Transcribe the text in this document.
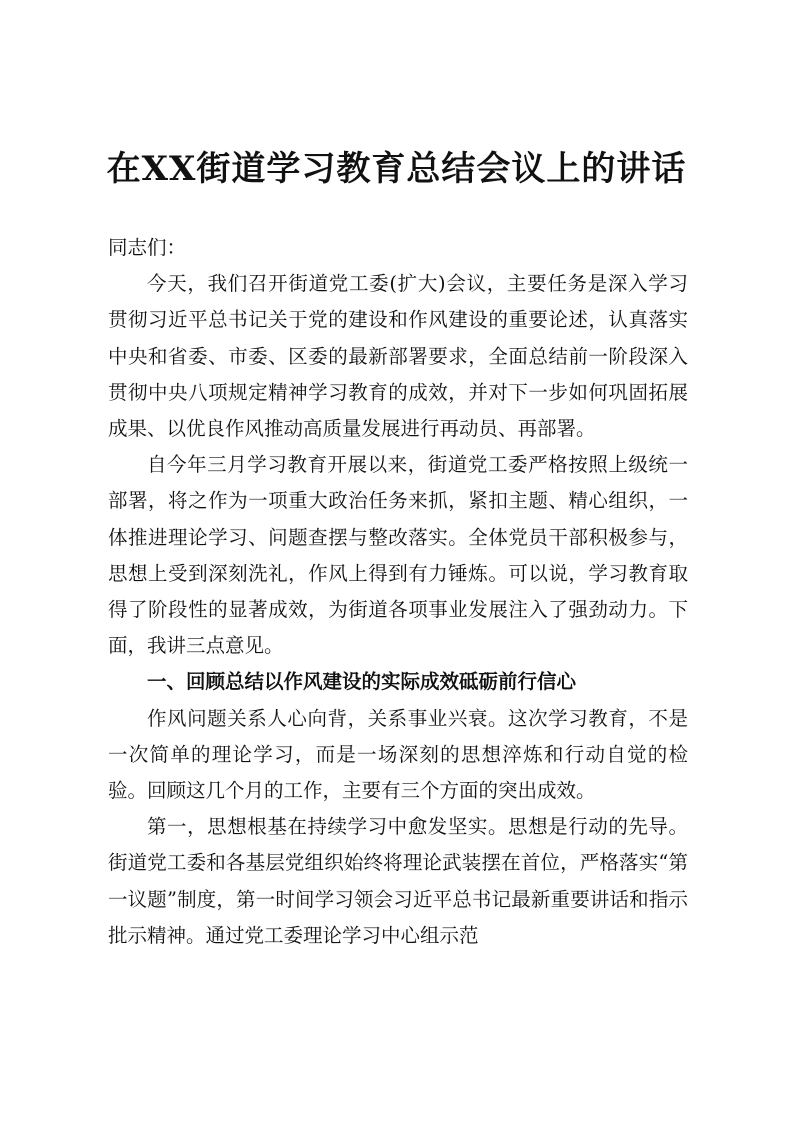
在XX街道学习教育总结会议上的讲话

同志们：

今天，我们召开街道党工委(扩大)会议，主要任务是深入学习贯彻习近平总书记关于党的建设和作风建设的重要论述，认真落实中央和省委、市委、区委的最新部署要求，全面总结前一阶段深入贯彻中央八项规定精神学习教育的成效，并对下一步如何巩固拓展成果、以优良作风推动高质量发展进行再动员、再部署。

自今年三月学习教育开展以来，街道党工委严格按照上级统一部署，将之作为一项重大政治任务来抓，紧扣主题、精心组织，一体推进理论学习、问题查摆与整改落实。全体党员干部积极参与，思想上受到深刻洗礼，作风上得到有力锤炼。可以说，学习教育取得了阶段性的显著成效，为街道各项事业发展注入了强劲动力。下面，我讲三点意见。

一、回顾总结以作风建设的实际成效砥砺前行信心

作风问题关系人心向背，关系事业兴衰。这次学习教育，不是一次简单的理论学习，而是一场深刻的思想淬炼和行动自觉的检验。回顾这几个月的工作，主要有三个方面的突出成效。

第一，思想根基在持续学习中愈发坚实。思想是行动的先导。街道党工委和各基层党组织始终将理论武装摆在首位，严格落实“第一议题”制度，第一时间学习领会习近平总书记最新重要讲话和指示批示精神。通过党工委理论学习中心组示范
